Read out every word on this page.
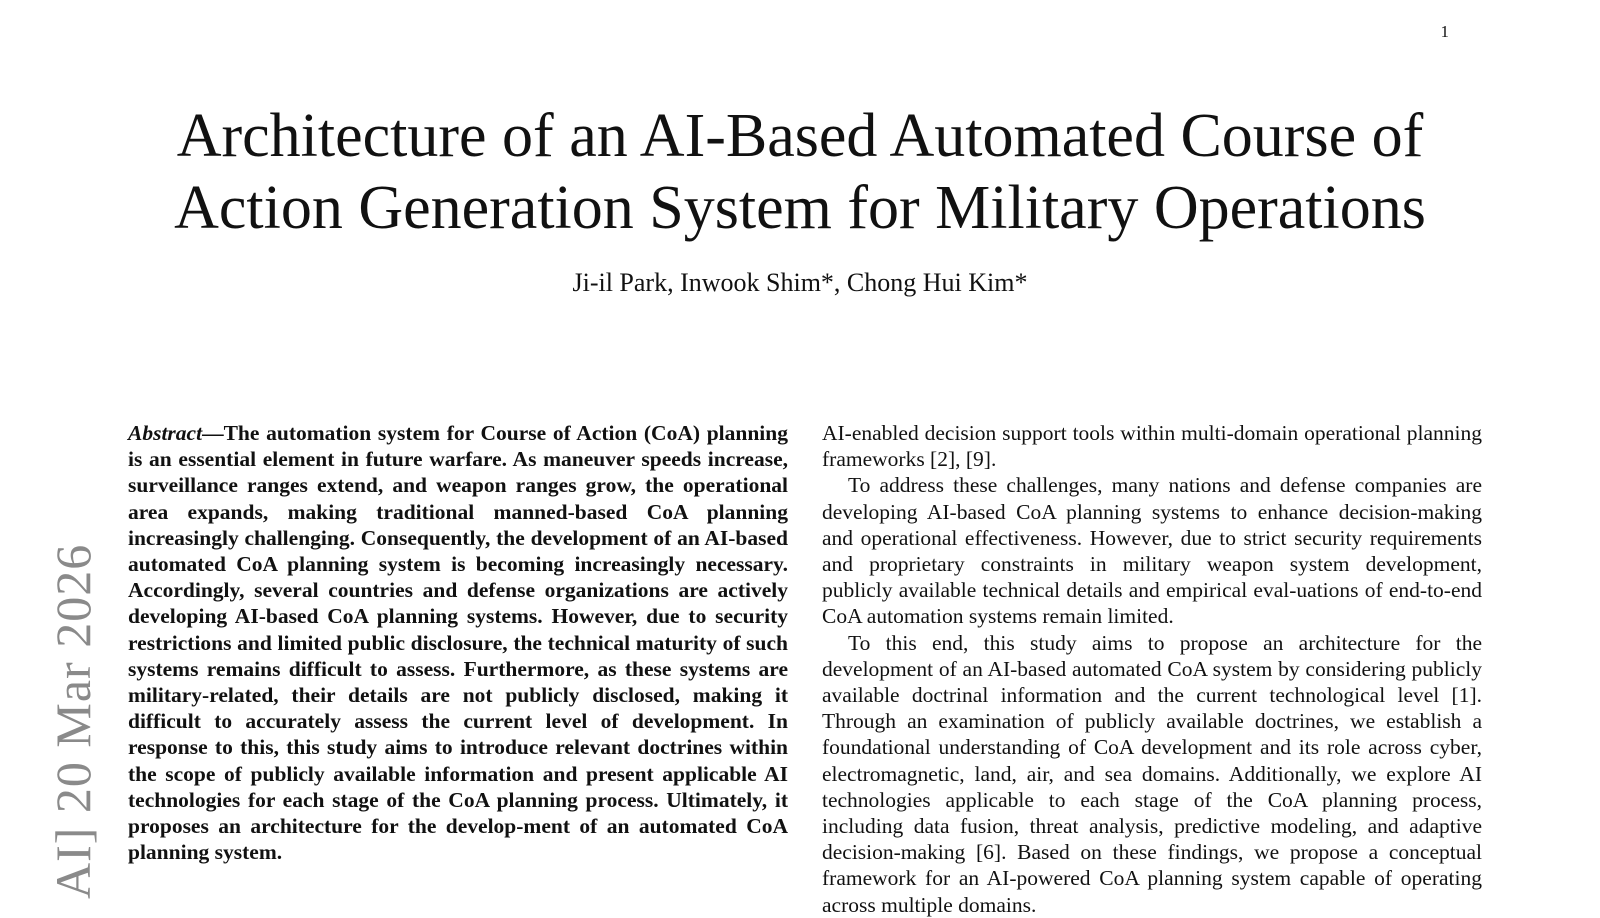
1
Architecture of an AI-Based Automated Course of
Action Generation System for Military Operations
Ji-il Park, Inwook Shim*, Chong Hui Kim*
AI] 20 Mar 2026

Abstract—The automation system for Course of Action (CoA) planning is an essential element in future warfare. As maneuver speeds increase, surveillance ranges extend, and weapon ranges grow, the operational area expands, making traditional manned-based CoA planning increasingly challenging. Consequently, the development of an AI-based automated CoA planning system is becoming increasingly necessary. Accordingly, several countries and defense organizations are actively developing AI-based CoA planning systems. However, due to security restrictions and limited public disclosure, the technical maturity of such systems remains difficult to assess. Furthermore, as these systems are military-related, their details are not publicly disclosed, making it difficult to accurately assess the current level of development. In response to this, this study aims to introduce relevant doctrines within the scope of publicly available information and present applicable AI technologies for each stage of the CoA planning process. Ultimately, it proposes an architecture for the develop-ment of an automated CoA planning system.

AI-enabled decision support tools within multi-domain operational planning frameworks [2], [9].

To address these challenges, many nations and defense companies are developing AI-based CoA planning systems to enhance decision-making and operational effectiveness. However, due to strict security requirements and proprietary constraints in military weapon system development, publicly available technical details and empirical eval-uations of end-to-end CoA automation systems remain limited.

To this end, this study aims to propose an architecture for the development of an AI-based automated CoA system by considering publicly available doctrinal information and the current technological level [1]. Through an examination of publicly available doctrines, we establish a foundational understanding of CoA development and its role across cyber, electromagnetic, land, air, and sea domains. Additionally, we explore AI technologies applicable to each stage of the CoA planning process, including data fusion, threat analysis, predictive modeling, and adaptive decision-making [6]. Based on these findings, we propose a conceptual framework for an AI-powered CoA planning system capable of operating across multiple domains.
